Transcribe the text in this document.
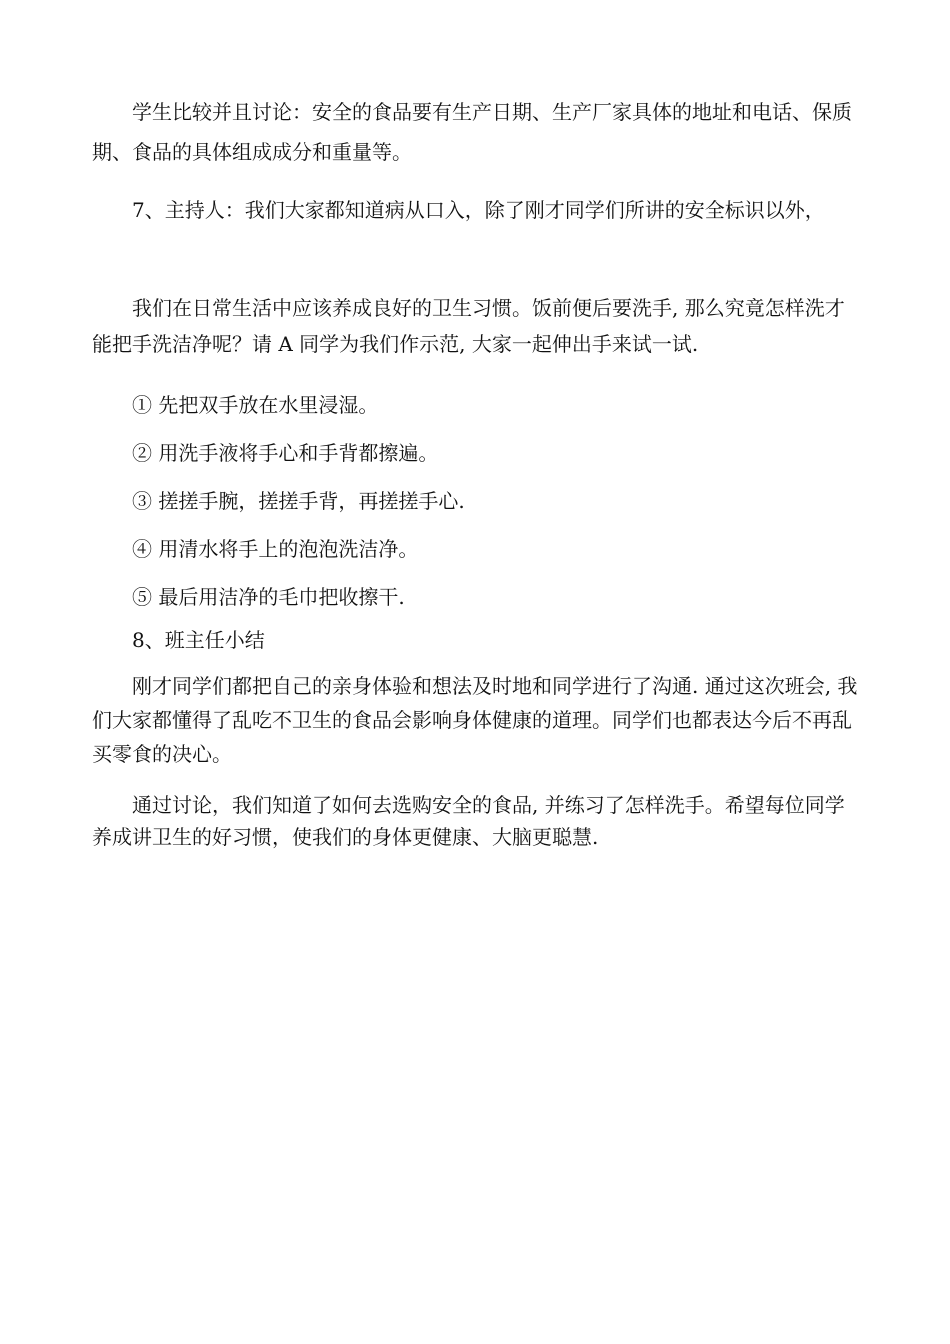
学生比较并且讨论：安全的食品要有生产日期、生产厂家具体的地址和电话、保质期、食品的具体组成成分和重量等。

7、主持人：我们大家都知道病从口入，除了刚才同学们所讲的安全标识以外，

我们在日常生活中应该养成良好的卫生习惯。饭前便后要洗手, 那么究竟怎样洗才能把手洗洁净呢？请 A 同学为我们作示范, 大家一起伸出手来试一试.

① 先把双手放在水里浸湿。

② 用洗手液将手心和手背都擦遍。

③ 搓搓手腕，搓搓手背，再搓搓手心.

④ 用清水将手上的泡泡洗洁净。

⑤ 最后用洁净的毛巾把收擦干.

8、班主任小结

刚才同学们都把自己的亲身体验和想法及时地和同学进行了沟通. 通过这次班会, 我们大家都懂得了乱吃不卫生的食品会影响身体健康的道理。同学们也都表达今后不再乱买零食的决心。

通过讨论，我们知道了如何去选购安全的食品, 并练习了怎样洗手。希望每位同学养成讲卫生的好习惯，使我们的身体更健康、大脑更聪慧.
